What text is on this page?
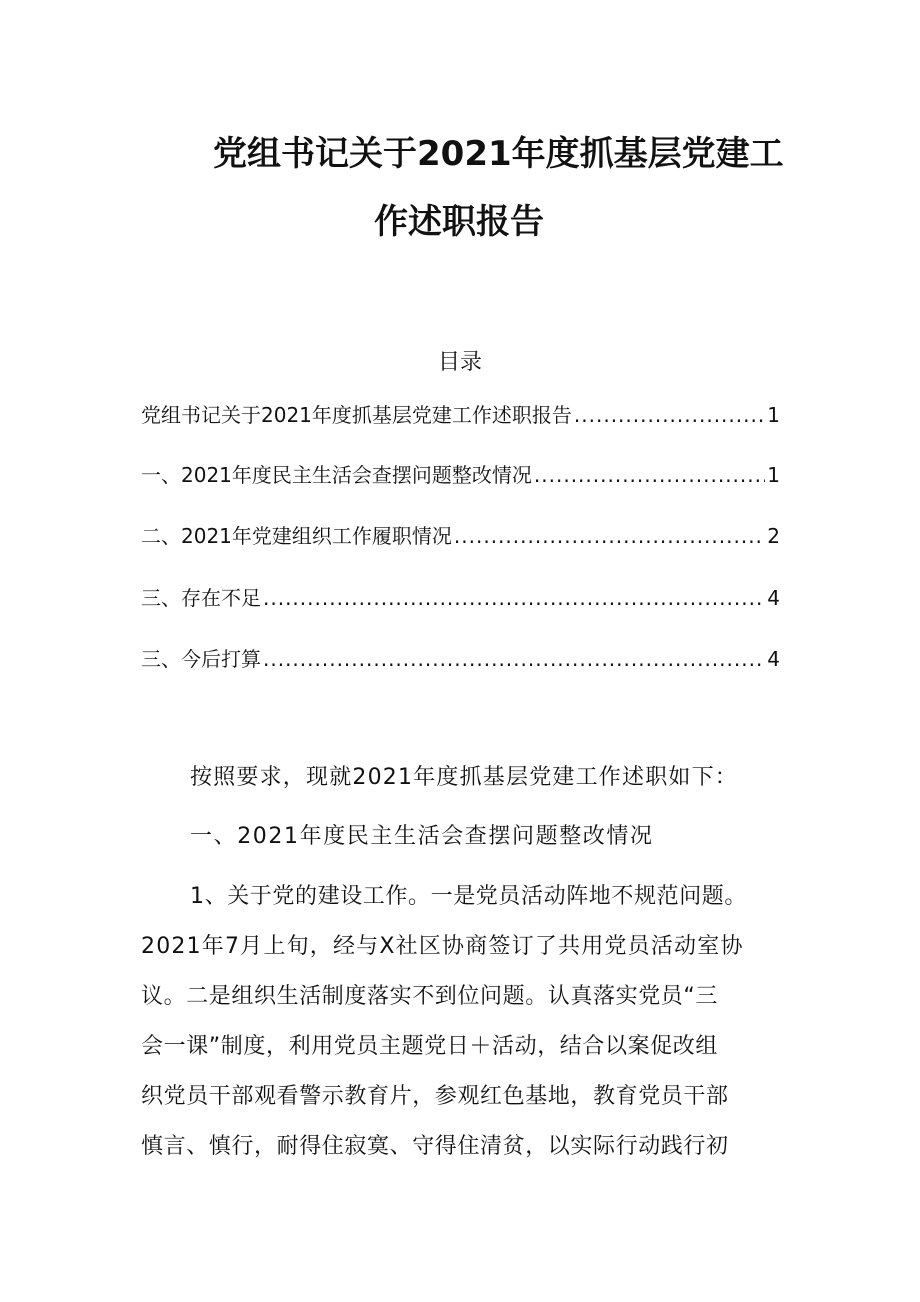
党组书记关于2021年度抓基层党建工
作述职报告
目录
党组书记关于2021年度抓基层党建工作述职报告 .....	1
一、2021年度民主生活会查摆问题整改情况 .....	1
二、2021年党建组织工作履职情况 .....	2
三、存在不足 .....	4
三、今后打算 .....	4
按照要求，现就2021年度抓基层党建工作述职如下：
一、2021年度民主生活会查摆问题整改情况
1、关于党的建设工作。一是党员活动阵地不规范问题。
2021年7月上旬，经与X社区协商签订了共用党员活动室协
议。二是组织生活制度落实不到位问题。认真落实党员“三
会一课”制度，利用党员主题党日＋活动，结合以案促改组
织党员干部观看警示教育片，参观红色基地，教育党员干部
慎言、慎行，耐得住寂寞、守得住清贫，以实际行动践行初
